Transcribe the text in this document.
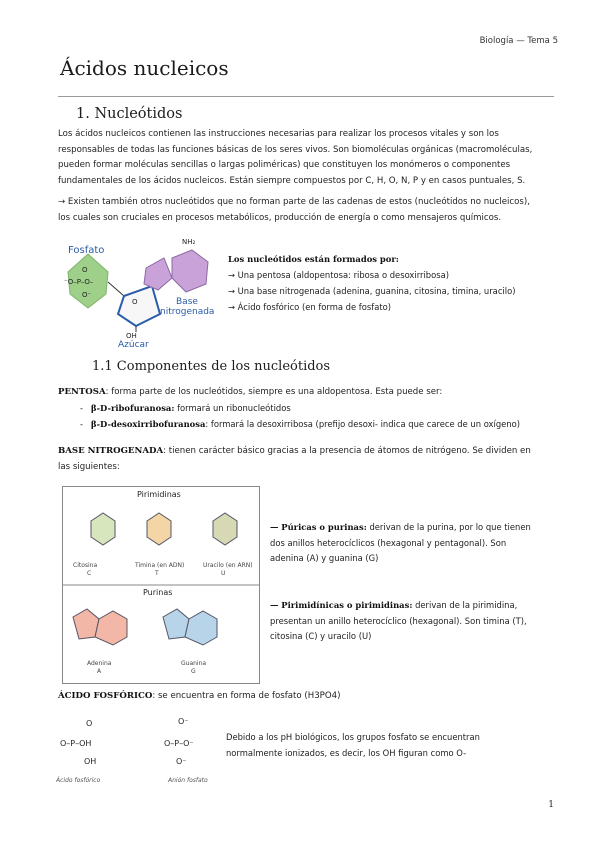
Biología — Tema 5
Ácidos nucleicos
1. Nucleótidos
Los ácidos nucleicos contienen las instrucciones necesarias para realizar los procesos vitales y son los
responsables de todas las funciones básicas de los seres vivos. Son biomoléculas orgánicas (macromoléculas,
pueden formar moléculas sencillas o largas poliméricas) que constituyen los monómeros o componentes
fundamentales de los ácidos nucleicos. Están siempre compuestos por C, H, O, N, P y en casos puntuales, S.
→ Existen también otros nucleótidos que no forman parte de las cadenas de estos (nucleótidos no nucleicos),
los cuales son cruciales en procesos metabólicos, producción de energía o como mensajeros químicos.
Fosfato
O
⁻O–P–O–
O⁻
O
OH
Azúcar
NH₂
Base
nitrogenada
Los nucleótidos están formados por:
→ Una pentosa (aldopentosa: ribosa o desoxirribosa)
→ Una base nitrogenada (adenina, guanina, citosina, timina, uracilo)
→ Ácido fosfórico (en forma de fosfato)
1.1 Componentes de los nucleótidos
PENTOSA: forma parte de los nucleótidos, siempre es una aldopentosa. Esta puede ser:
-   β-D-ribofuranosa: formará un ribonucleótidos
-   β-D-desoxirribofuranosa: formará la desoxirribosa (prefijo desoxi- indica que carece de un oxígeno)
BASE NITROGENADA: tienen carácter básico gracias a la presencia de átomos de nitrógeno. Se dividen en
las siguientes:
Pirimidinas
Citosina
C
Timina (en ADN)
T
Uracilo (en ARN)
U
Purinas
Adenina
A
Guanina
G
— Púricas o purinas: derivan de la purina, por lo que tienen
dos anillos heterocíclicos (hexagonal y pentagonal). Son
adenina (A) y guanina (G)
— Pirimidínicas o pirimidinas: derivan de la pirimidina,
presentan un anillo heterocíclico (hexagonal). Son timina (T),
citosina (C) y uracilo (U)
ÁCIDO FOSFÓRICO: se encuentra en forma de fosfato (H3PO4)
O
O–P–OH
OH
Ácido fosfórico
O⁻
O–P–O⁻
O⁻
Anión fosfato
Debido a los pH biológicos, los grupos fosfato se encuentran
normalmente ionizados, es decir, los OH figuran como O-
1
